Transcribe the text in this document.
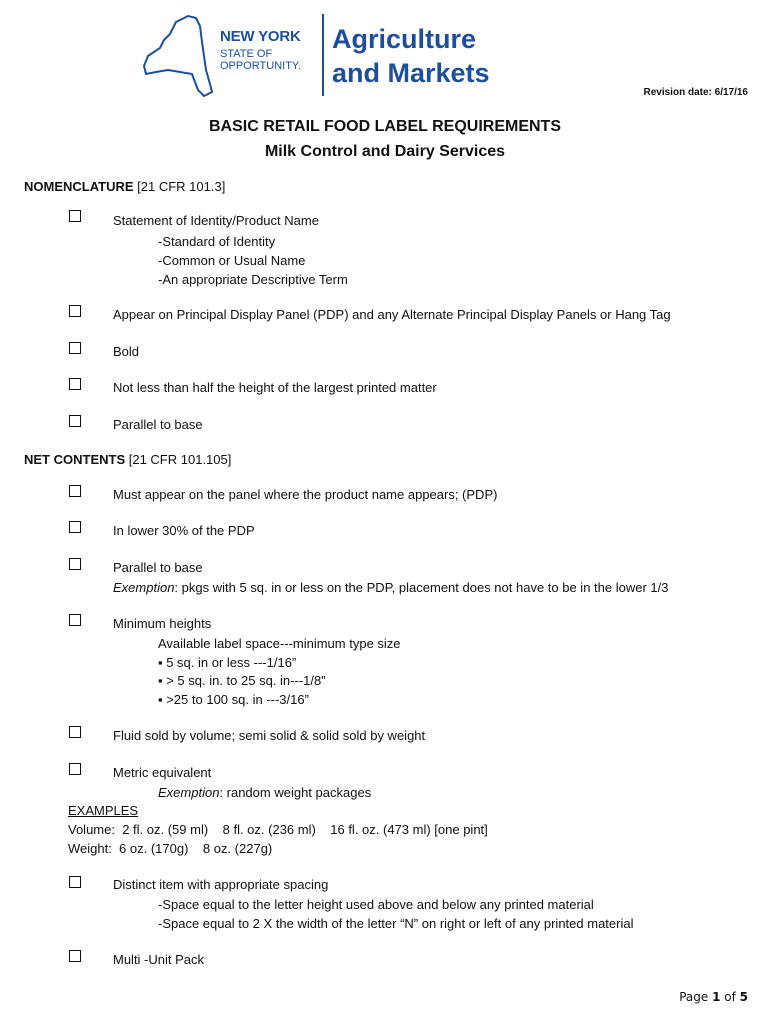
NEW YORK
STATE OF
OPPORTUNITY.
Agriculture
and Markets
Revision date: 6/17/16
BASIC RETAIL FOOD LABEL REQUIREMENTS
Milk Control and Dairy Services
NOMENCLATURE [21 CFR 101.3]
Statement of Identity/Product Name
-Standard of Identity
-Common or Usual Name
-An appropriate Descriptive Term
Appear on Principal Display Panel (PDP) and any Alternate Principal Display Panels or Hang Tag
Bold
Not less than half the height of the largest printed matter
Parallel to base
NET CONTENTS [21 CFR 101.105]
Must appear on the panel where the product name appears; (PDP)
In lower 30% of the PDP
Parallel to base
Exemption: pkgs with 5 sq. in or less on the PDP, placement does not have to be in the lower 1/3
Minimum heights
Available label space---minimum type size
▪ 5 sq. in or less ---1/16”
▪ > 5 sq. in. to 25 sq. in---1/8”
▪ >25 to 100 sq. in ---3/16”
Fluid sold by volume; semi solid & solid sold by weight
Metric equivalent
Exemption: random weight packages
EXAMPLES
Volume:  2 fl. oz. (59 ml)    8 fl. oz. (236 ml)    16 fl. oz. (473 ml) [one pint]
Weight:  6 oz. (170g)    8 oz. (227g)
Distinct item with appropriate spacing
-Space equal to the letter height used above and below any printed material
-Space equal to 2 X the width of the letter “N” on right or left of any printed material
Multi -Unit Pack
Page 1 of 5
